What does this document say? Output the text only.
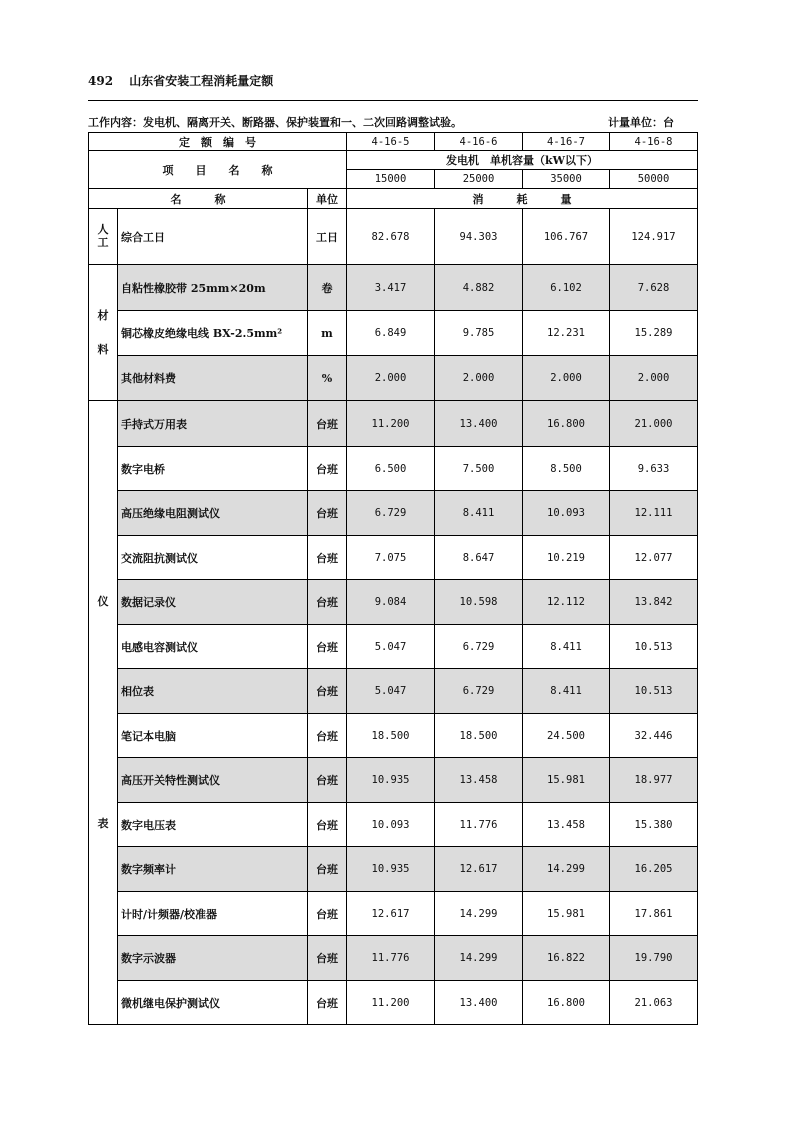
492 山东省安装工程消耗量定额
工作内容：发电机、隔离开关、断路器、保护装置和一、二次回路调整试验。	计量单位：台
定　额　编　号			4-16-5	4-16-6	4-16-7	4-16-8
项　　目　　名　　称			发电机　单机容量（kW以下）			
			15000	25000	35000	50000
名　　　称		单位	消　　　耗　　　量			
人工	综合工日	工日	82.678	94.303	106.767	124.917
材料	自粘性橡胶带 25mm×20m	卷	3.417	4.882	6.102	7.628
	铜芯橡皮绝缘电线 BX-2.5mm²	m	6.849	9.785	12.231	15.289
	其他材料费	%	2.000	2.000	2.000	2.000
仪表	手持式万用表	台班	11.200	13.400	16.800	21.000
	数字电桥	台班	6.500	7.500	8.500	9.633
	高压绝缘电阻测试仪	台班	6.729	8.411	10.093	12.111
	交流阻抗测试仪	台班	7.075	8.647	10.219	12.077
	数据记录仪	台班	9.084	10.598	12.112	13.842
	电感电容测试仪	台班	5.047	6.729	8.411	10.513
	相位表	台班	5.047	6.729	8.411	10.513
	笔记本电脑	台班	18.500	18.500	24.500	32.446
	高压开关特性测试仪	台班	10.935	13.458	15.981	18.977
	数字电压表	台班	10.093	11.776	13.458	15.380
	数字频率计	台班	10.935	12.617	14.299	16.205
	计时/计频器/校准器	台班	12.617	14.299	15.981	17.861
	数字示波器	台班	11.776	14.299	16.822	19.790
	微机继电保护测试仪	台班	11.200	13.400	16.800	21.063
